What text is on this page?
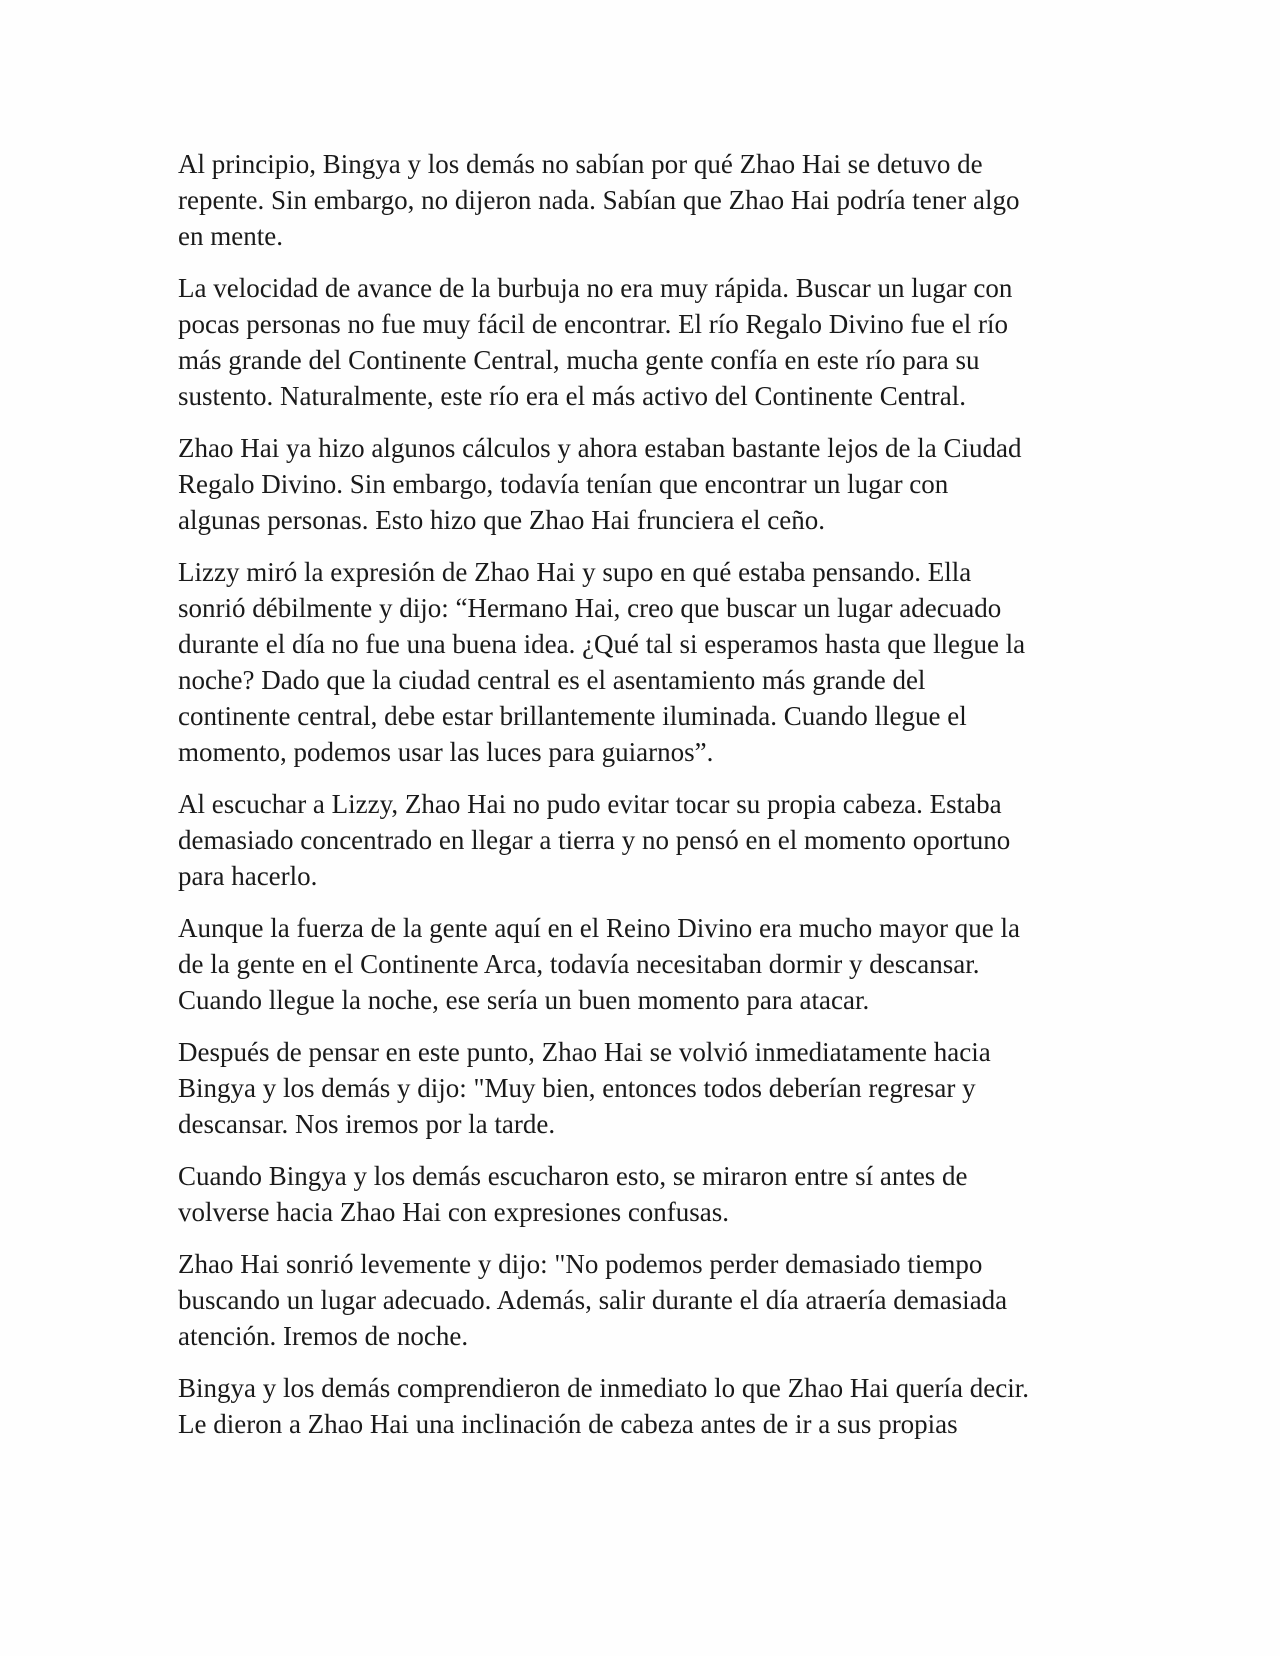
Al principio, Bingya y los demás no sabían por qué Zhao Hai se detuvo de
repente. Sin embargo, no dijeron nada. Sabían que Zhao Hai podría tener algo
en mente.

La velocidad de avance de la burbuja no era muy rápida. Buscar un lugar con
pocas personas no fue muy fácil de encontrar. El río Regalo Divino fue el río
más grande del Continente Central, mucha gente confía en este río para su
sustento. Naturalmente, este río era el más activo del Continente Central.

Zhao Hai ya hizo algunos cálculos y ahora estaban bastante lejos de la Ciudad
Regalo Divino. Sin embargo, todavía tenían que encontrar un lugar con
algunas personas. Esto hizo que Zhao Hai frunciera el ceño.

Lizzy miró la expresión de Zhao Hai y supo en qué estaba pensando. Ella
sonrió débilmente y dijo: “Hermano Hai, creo que buscar un lugar adecuado
durante el día no fue una buena idea. ¿Qué tal si esperamos hasta que llegue la
noche? Dado que la ciudad central es el asentamiento más grande del
continente central, debe estar brillantemente iluminada. Cuando llegue el
momento, podemos usar las luces para guiarnos”.

Al escuchar a Lizzy, Zhao Hai no pudo evitar tocar su propia cabeza. Estaba
demasiado concentrado en llegar a tierra y no pensó en el momento oportuno
para hacerlo.

Aunque la fuerza de la gente aquí en el Reino Divino era mucho mayor que la
de la gente en el Continente Arca, todavía necesitaban dormir y descansar.
Cuando llegue la noche, ese sería un buen momento para atacar.

Después de pensar en este punto, Zhao Hai se volvió inmediatamente hacia
Bingya y los demás y dijo: "Muy bien, entonces todos deberían regresar y
descansar. Nos iremos por la tarde.

Cuando Bingya y los demás escucharon esto, se miraron entre sí antes de
volverse hacia Zhao Hai con expresiones confusas.

Zhao Hai sonrió levemente y dijo: "No podemos perder demasiado tiempo
buscando un lugar adecuado. Además, salir durante el día atraería demasiada
atención. Iremos de noche.

Bingya y los demás comprendieron de inmediato lo que Zhao Hai quería decir.
Le dieron a Zhao Hai una inclinación de cabeza antes de ir a sus propias
